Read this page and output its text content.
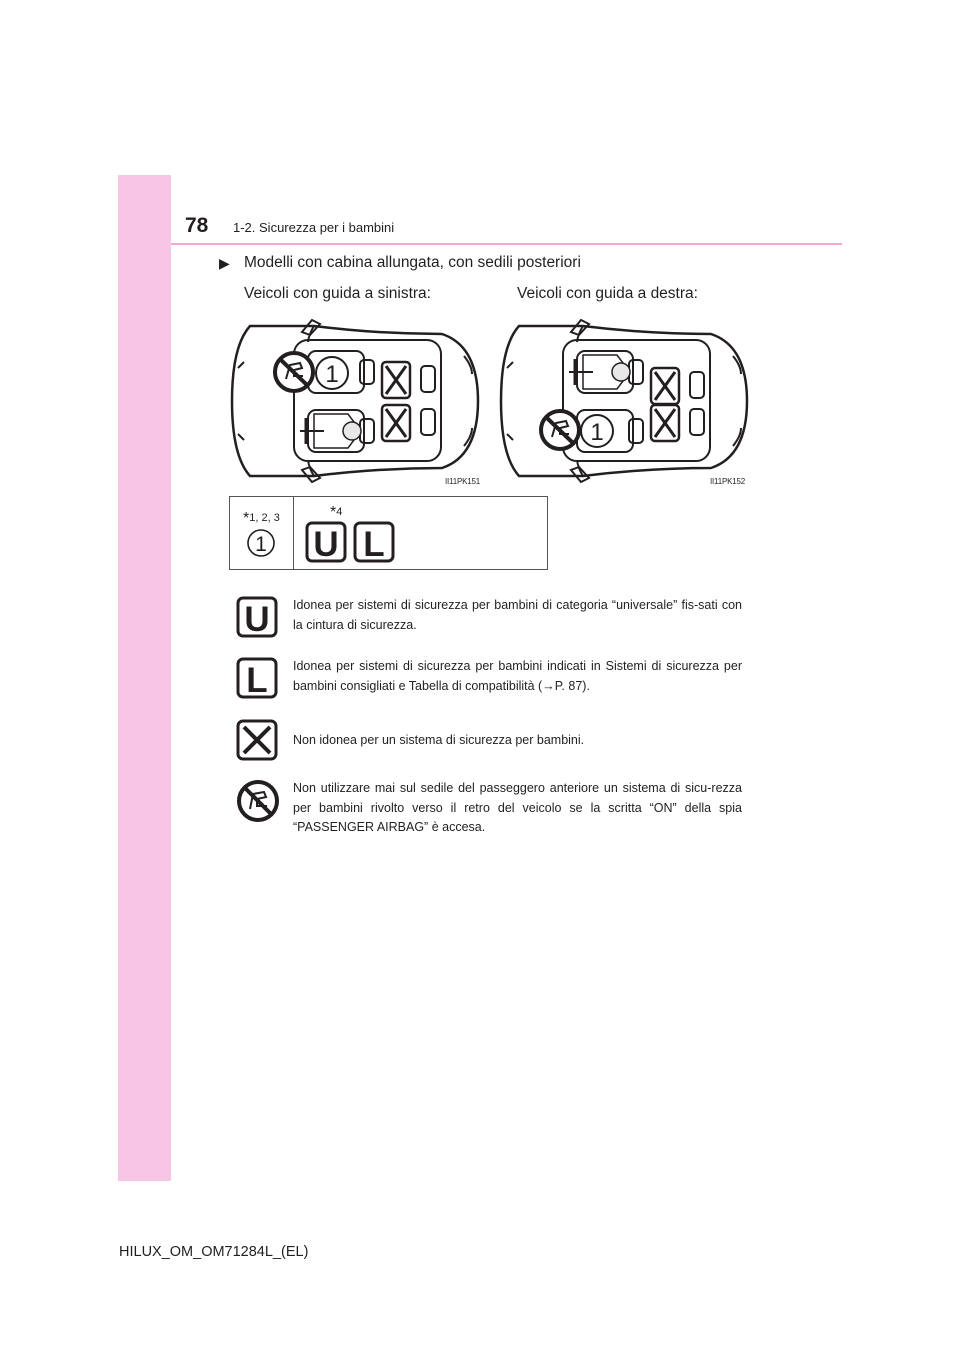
78 1-2. Sicurezza per i bambini
▶ Modelli con cabina allungata, con sedili posteriori
Veicoli con guida a sinistra:	Veicoli con guida a destra:
1
II11PK151
1
II11PK152
*1, 2, 3
1
*4
U L
U Idonea per sistemi di sicurezza per bambini di categoria “universale” fis-sati con la cintura di sicurezza.
L Idonea per sistemi di sicurezza per bambini indicati in Sistemi di sicurezza per bambini consigliati e Tabella di compatibilità (→P. 87).
Non idonea per un sistema di sicurezza per bambini.
Non utilizzare mai sul sedile del passeggero anteriore un sistema di sicu-rezza per bambini rivolto verso il retro del veicolo se la scritta “ON” della spia “PASSENGER AIRBAG” è accesa.
HILUX_OM_OM71284L_(EL)
